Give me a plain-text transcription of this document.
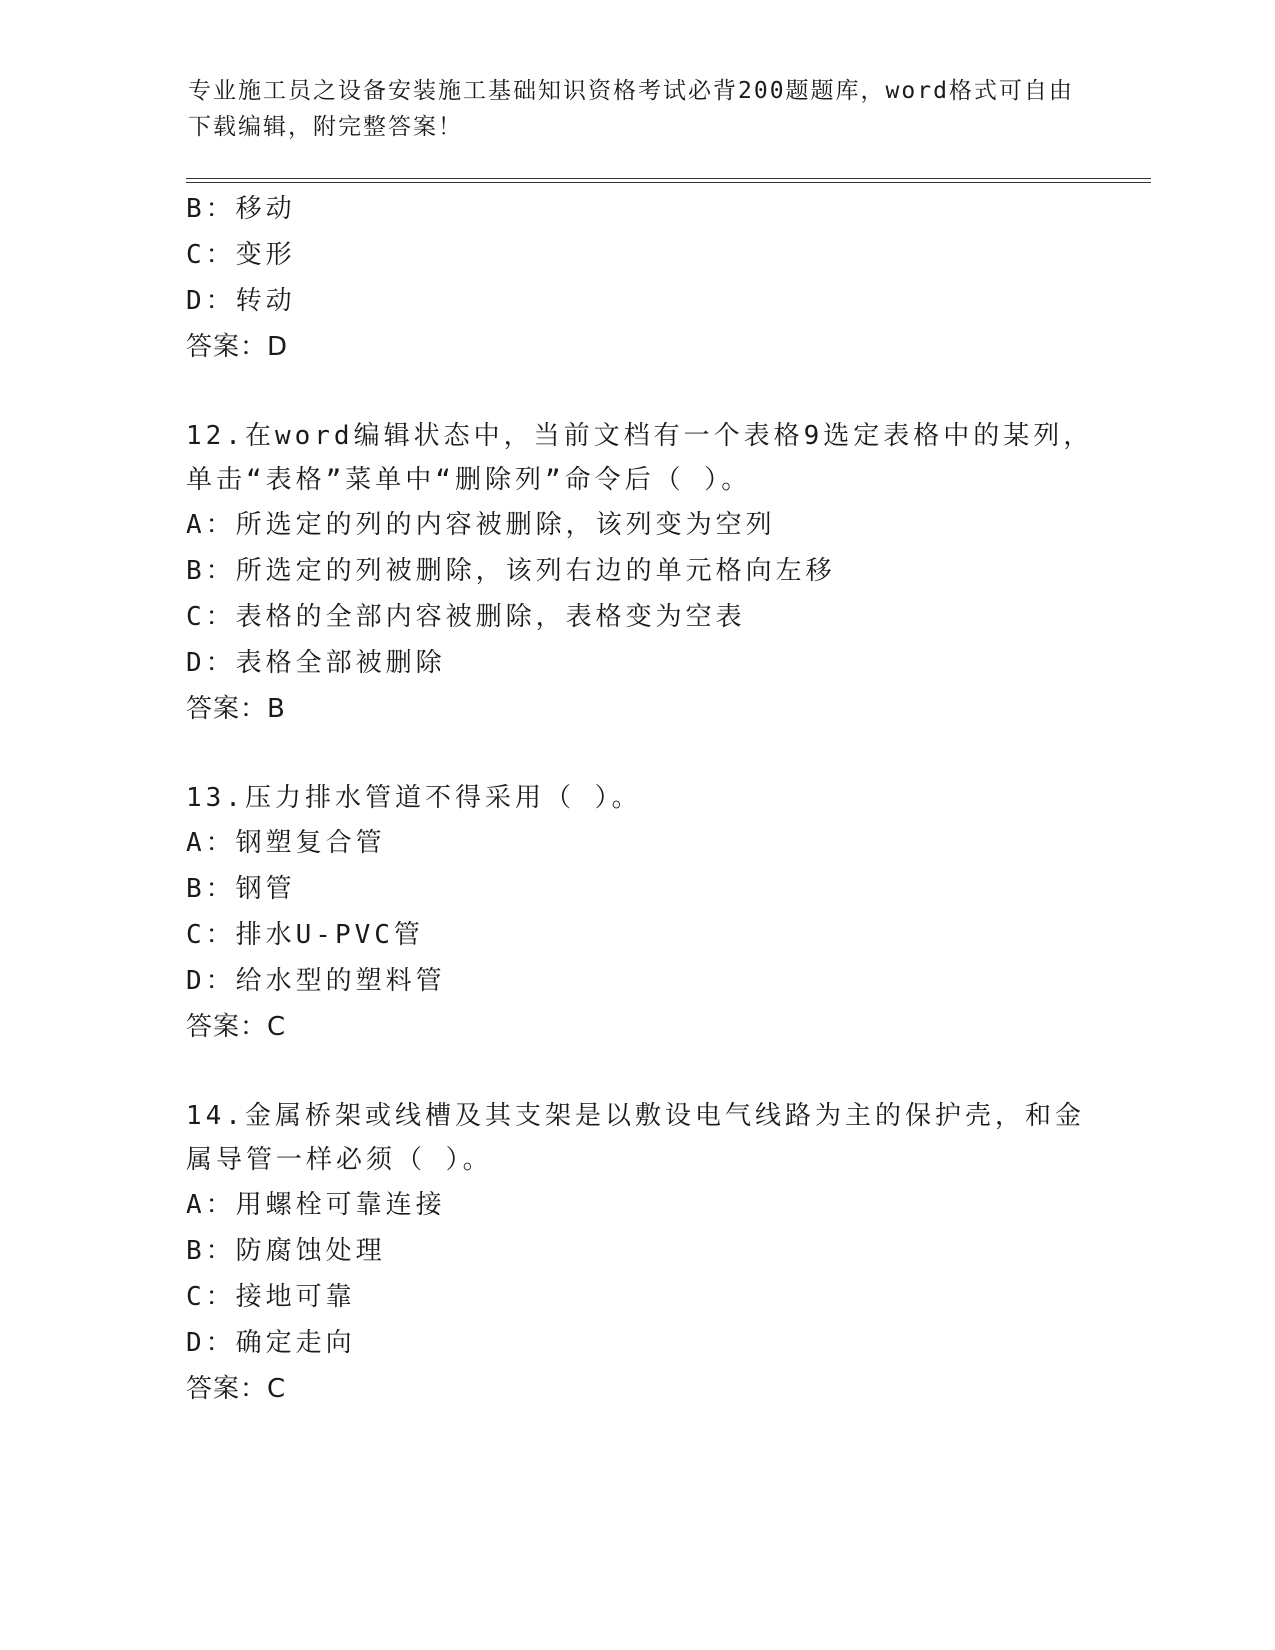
专业施工员之设备安装施工基础知识资格考试必背200题题库，word格式可自由下载编辑，附完整答案！
B：移动
C：变形
D：转动
答案：D
12.在word编辑状态中，当前文档有一个表格9选定表格中的某列，单击“表格”菜单中“删除列”命令后（ ）。
A：所选定的列的内容被删除，该列变为空列
B：所选定的列被删除，该列右边的单元格向左移
C：表格的全部内容被删除，表格变为空表
D：表格全部被删除
答案：B
13.压力排水管道不得采用（ ）。
A：钢塑复合管
B：钢管
C：排水U-PVC管
D：给水型的塑料管
答案：C
14.金属桥架或线槽及其支架是以敷设电气线路为主的保护壳，和金属导管一样必须（ ）。
A：用螺栓可靠连接
B：防腐蚀处理
C：接地可靠
D：确定走向
答案：C
